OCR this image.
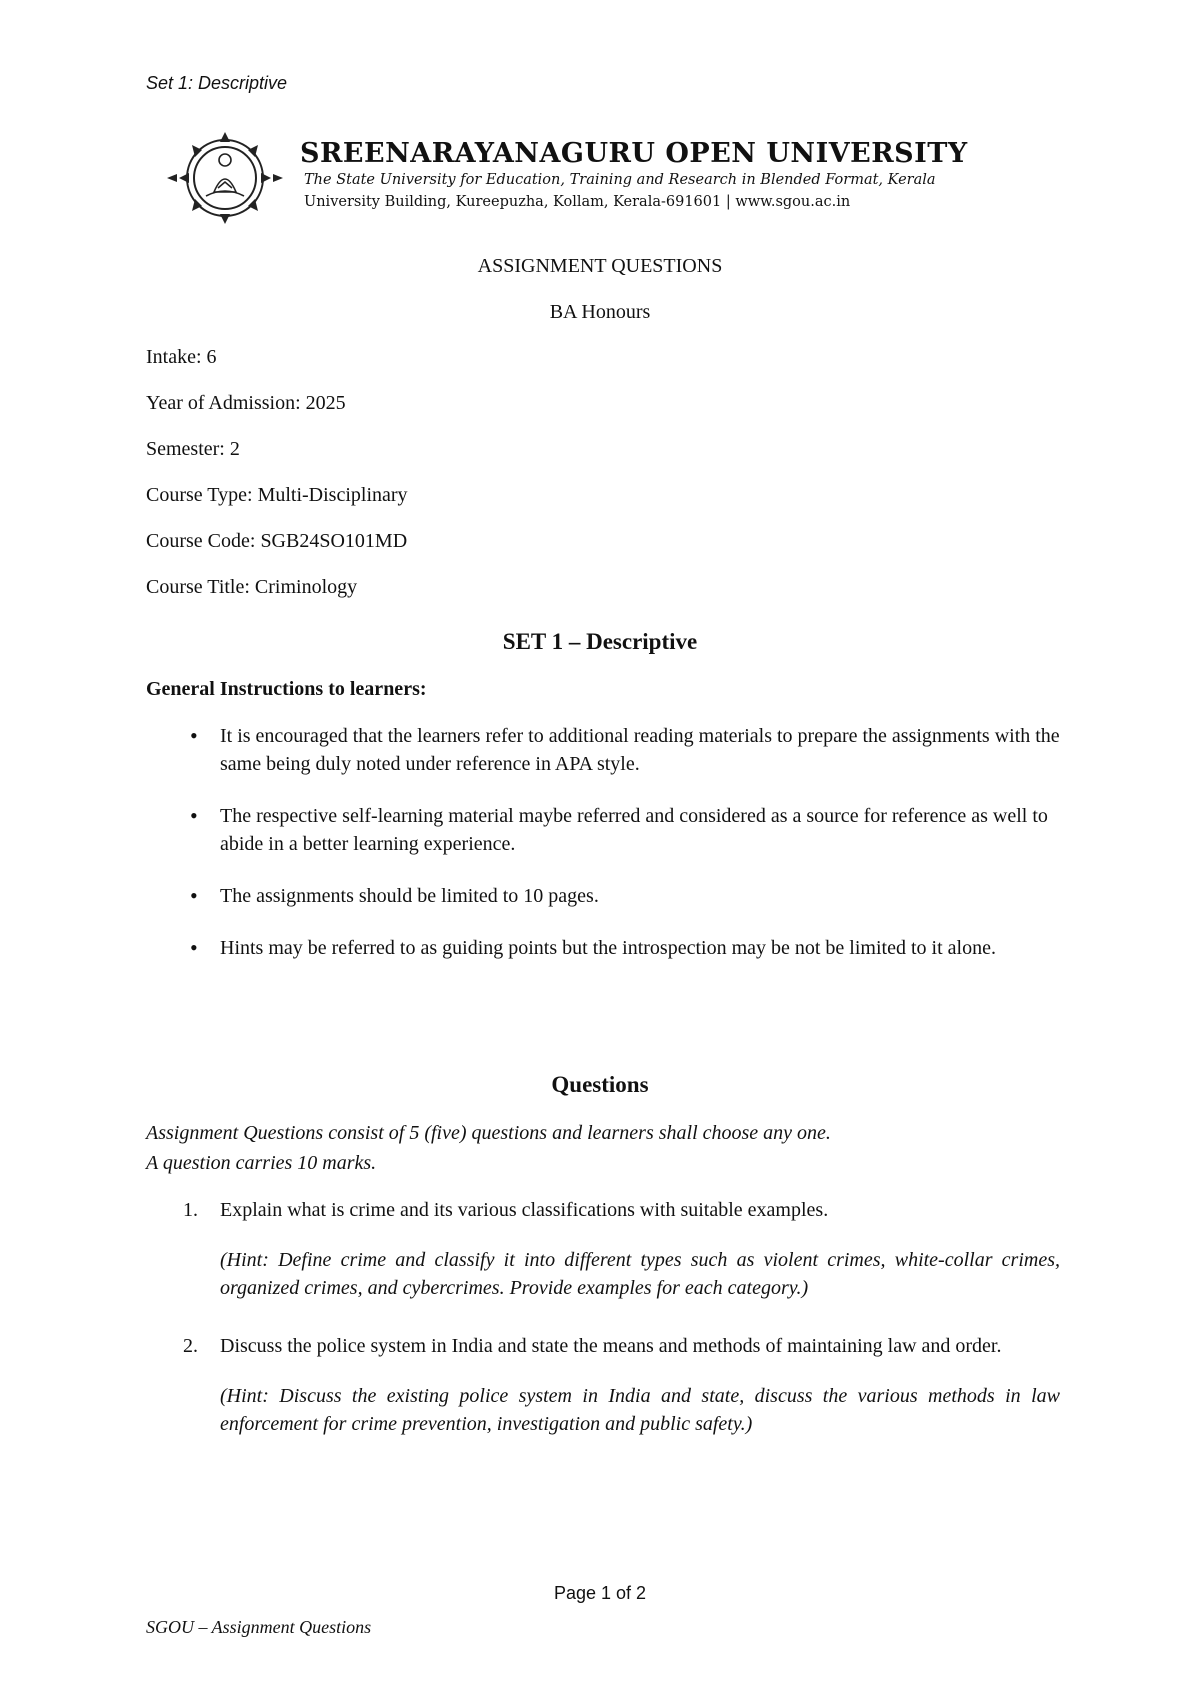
Set 1: Descriptive
SREENARAYANAGURU OPEN UNIVERSITY
The State University for Education, Training and Research in Blended Format, Kerala
University Building, Kureepuzha, Kollam, Kerala-691601 | www.sgou.ac.in
ASSIGNMENT QUESTIONS
BA Honours
Intake: 6
Year of Admission: 2025
Semester: 2
Course Type: Multi-Disciplinary
Course Code: SGB24SO101MD
Course Title: Criminology
SET 1 – Descriptive
General Instructions to learners:
• It is encouraged that the learners refer to additional reading materials to prepare the assignments with the same being duly noted under reference in APA style.
• The respective self-learning material maybe referred and considered as a source for reference as well to abide in a better learning experience.
• The assignments should be limited to 10 pages.
• Hints may be referred to as guiding points but the introspection may be not be limited to it alone.
Questions
Assignment Questions consist of 5 (five) questions and learners shall choose any one.
A question carries 10 marks.
1. Explain what is crime and its various classifications with suitable examples.
(Hint: Define crime and classify it into different types such as violent crimes, white-collar crimes, organized crimes, and cybercrimes. Provide examples for each category.)
2. Discuss the police system in India and state the means and methods of maintaining law and order.
(Hint: Discuss the existing police system in India and state, discuss the various methods in law enforcement for crime prevention, investigation and public safety.)
Page 1 of 2
SGOU – Assignment Questions
